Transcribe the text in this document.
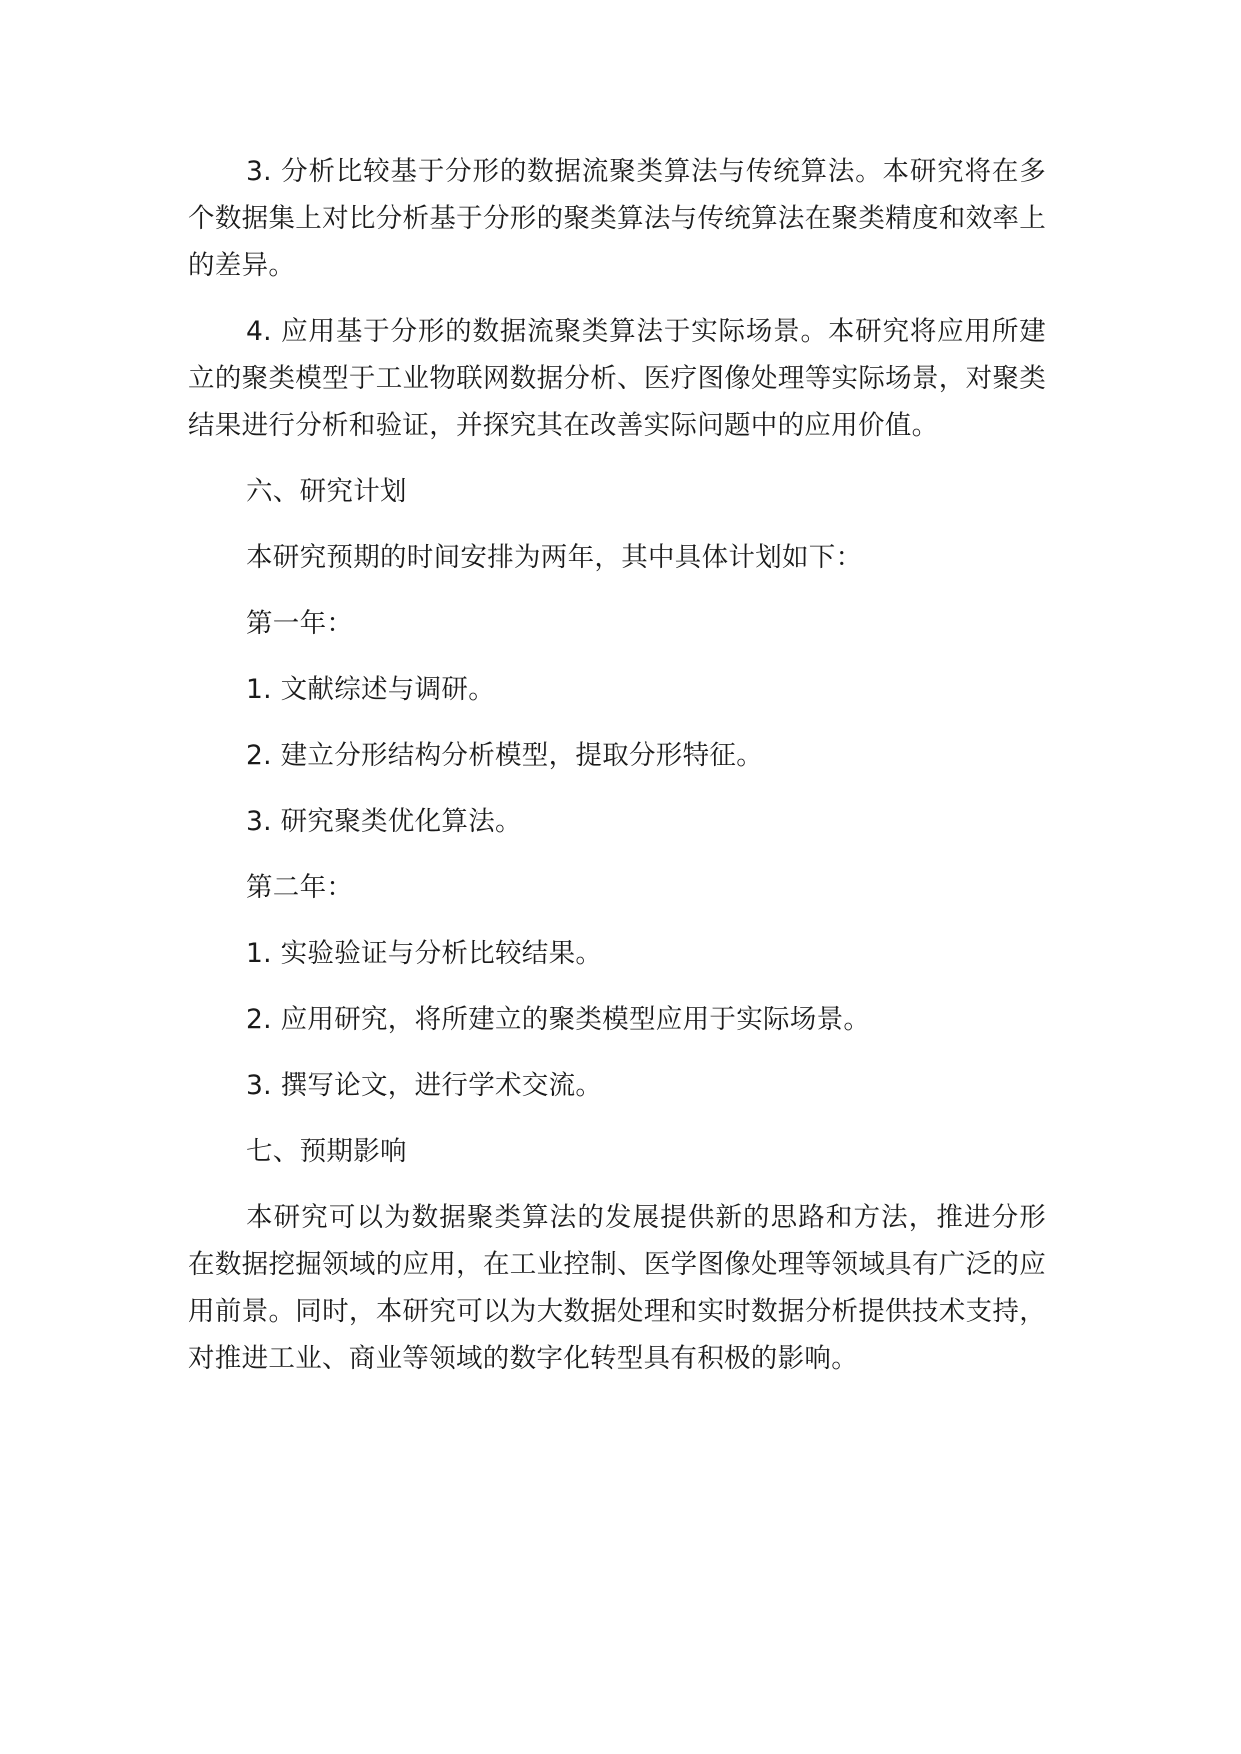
3. 分析比较基于分形的数据流聚类算法与传统算法。本研究将在多个数据集上对比分析基于分形的聚类算法与传统算法在聚类精度和效率上的差异。

4. 应用基于分形的数据流聚类算法于实际场景。本研究将应用所建立的聚类模型于工业物联网数据分析、医疗图像处理等实际场景，对聚类结果进行分析和验证，并探究其在改善实际问题中的应用价值。

六、研究计划

本研究预期的时间安排为两年，其中具体计划如下：

第一年：

1. 文献综述与调研。

2. 建立分形结构分析模型，提取分形特征。

3. 研究聚类优化算法。

第二年：

1. 实验验证与分析比较结果。

2. 应用研究，将所建立的聚类模型应用于实际场景。

3. 撰写论文，进行学术交流。

七、预期影响

本研究可以为数据聚类算法的发展提供新的思路和方法，推进分形在数据挖掘领域的应用，在工业控制、医学图像处理等领域具有广泛的应用前景。同时，本研究可以为大数据处理和实时数据分析提供技术支持，对推进工业、商业等领域的数字化转型具有积极的影响。
